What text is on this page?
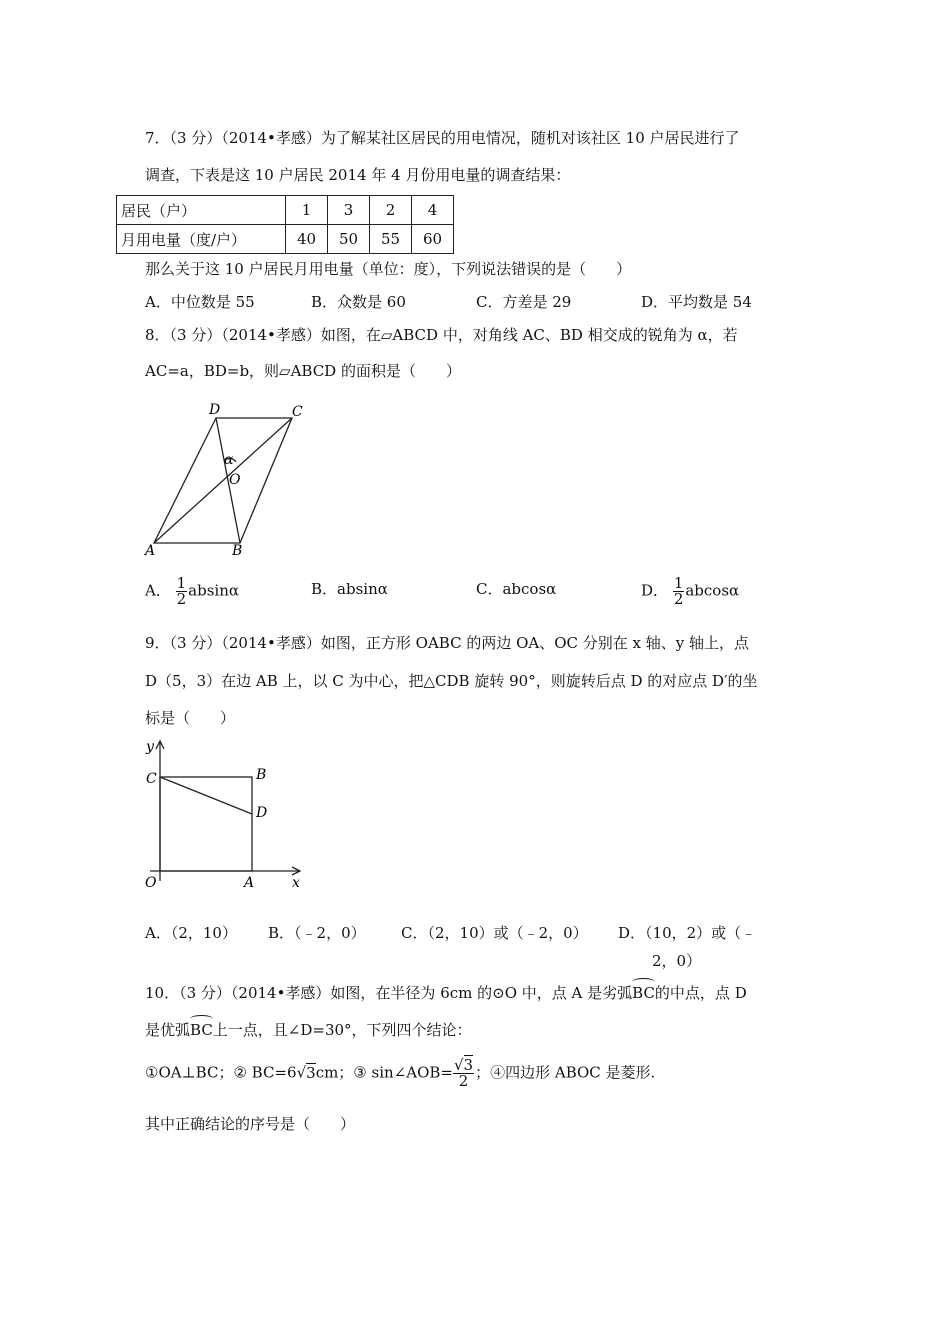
7．（3 分）（2014•孝感）为了解某社区居民的用电情况，随机对该社区 10 户居民进行了
调查，下表是这 10 户居民 2014 年 4 月份用电量的调查结果：
居民（户）	1	3	2	4
月用电量（度/户）	40	50	55	60
那么关于这 10 户居民月用电量（单位：度），下列说法错误的是（　　）
A．中位数是 55	B．众数是 60	C．方差是 29	D．平均数是 54
8．（3 分）（2014•孝感）如图，在▱ABCD 中，对角线 AC、BD 相交成的锐角为 α，若
AC=a，BD=b，则▱ABCD 的面积是（　　）
D	C
α
O
A	B
A． $\frac{1}{2}$ absinα	B．absinα	C．abcosα	D． $\frac{1}{2}$ abcosα
9．（3 分）（2014•孝感）如图，正方形 OABC 的两边 OA、OC 分别在 x 轴、y 轴上，点
D（5，3）在边 AB 上，以 C 为中心，把△CDB 旋转 90°，则旋转后点 D 的对应点 D′的坐
标是（　　）
y
C	B
D
O	A	x
A．（2，10） B．（﹣2，0） C．（2，10）或（﹣2，0） D．（10，2）或（﹣
2，0）
10．（3 分）（2014•孝感）如图，在半径为 6cm 的⊙O 中，点 A 是劣弧BC的中点，点 D
是优弧BC上一点，且∠D=30°，下列四个结论：
①OA⊥BC；② BC=6√3cm；③ sin∠AOB= $\frac{√3}{2}$ ；④四边形 ABOC 是菱形.
其中正确结论的序号是（　　）
